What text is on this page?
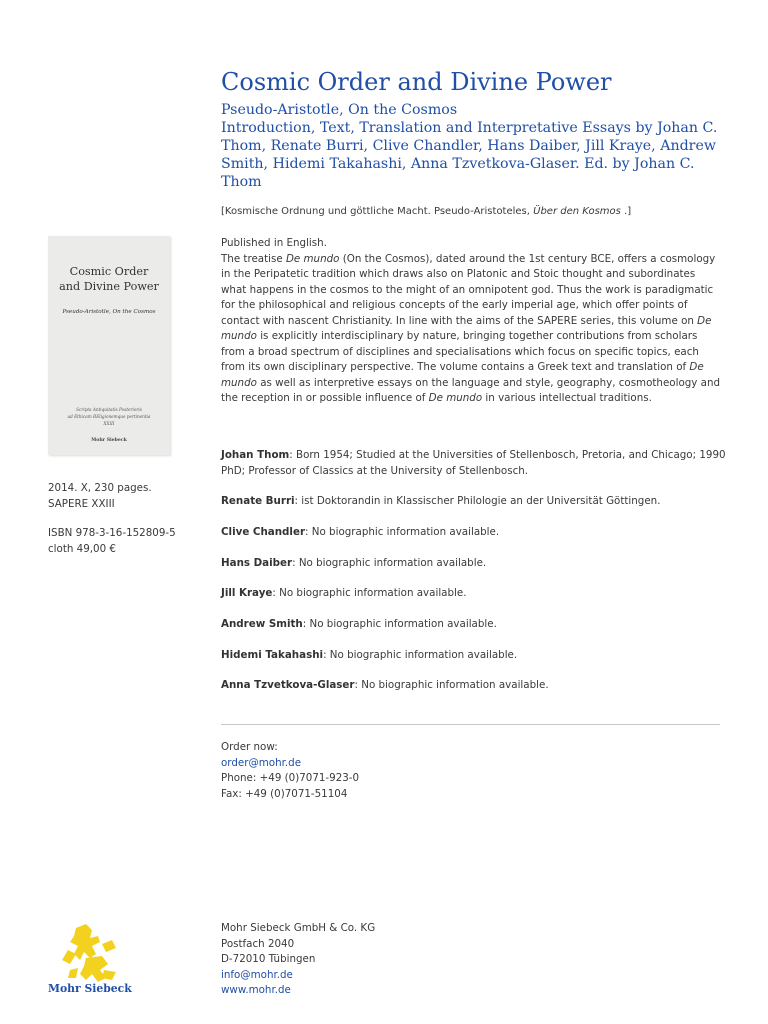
Cosmic Order and Divine Power
Pseudo-Aristotle, On the Cosmos
Introduction, Text, Translation and Interpretative Essays by Johan C. Thom, Renate Burri, Clive Chandler, Hans Daiber, Jill Kraye, Andrew Smith, Hidemi Takahashi, Anna Tzvetkova-Glaser. Ed. by Johan C. Thom
[Kosmische Ordnung und göttliche Macht. Pseudo-Aristoteles, Über den Kosmos .]

Published in English.

The treatise De mundo (On the Cosmos), dated around the 1st century BCE, offers a cosmology in the Peripatetic tradition which draws also on Platonic and Stoic thought and subordinates what happens in the cosmos to the might of an omnipotent god. Thus the work is paradigmatic for the philosophical and religious concepts of the early imperial age, which offer points of contact with nascent Christianity. In line with the aims of the SAPERE series, this volume on De mundo is explicitly interdisciplinary by nature, bringing together contributions from scholars from a broad spectrum of disciplines and specialisations which focus on specific topics, each from its own disciplinary perspective. The volume contains a Greek text and translation of De mundo as well as interpretive essays on the language and style, geography, cosmotheology and the reception in or possible influence of De mundo in various intellectual traditions.

Johan Thom: Born 1954; Studied at the Universities of Stellenbosch, Pretoria, and Chicago; 1990 PhD; Professor of Classics at the University of Stellenbosch.

Renate Burri: ist Doktorandin in Klassischer Philologie an der Universität Göttingen.

Clive Chandler: No biographic information available.

Hans Daiber: No biographic information available.

Jill Kraye: No biographic information available.

Andrew Smith: No biographic information available.

Hidemi Takahashi: No biographic information available.

Anna Tzvetkova-Glaser: No biographic information available.

Order now:
order@mohr.de
Phone: +49 (0)7071-923-0
Fax: +49 (0)7071-51104
Cosmic Order
and Divine Power
Pseudo-Aristotle, On the Cosmos
Scripta Antiquitatis Posterioris
ad Ethicam REligionemque pertinentia
XXIII
Mohr Siebeck
2014. X, 230 pages.
SAPERE XXIII
ISBN 978-3-16-152809-5
cloth 49,00 €
Mohr Siebeck
Mohr Siebeck GmbH & Co. KG
Postfach 2040
D-72010 Tübingen
info@mohr.de
www.mohr.de
